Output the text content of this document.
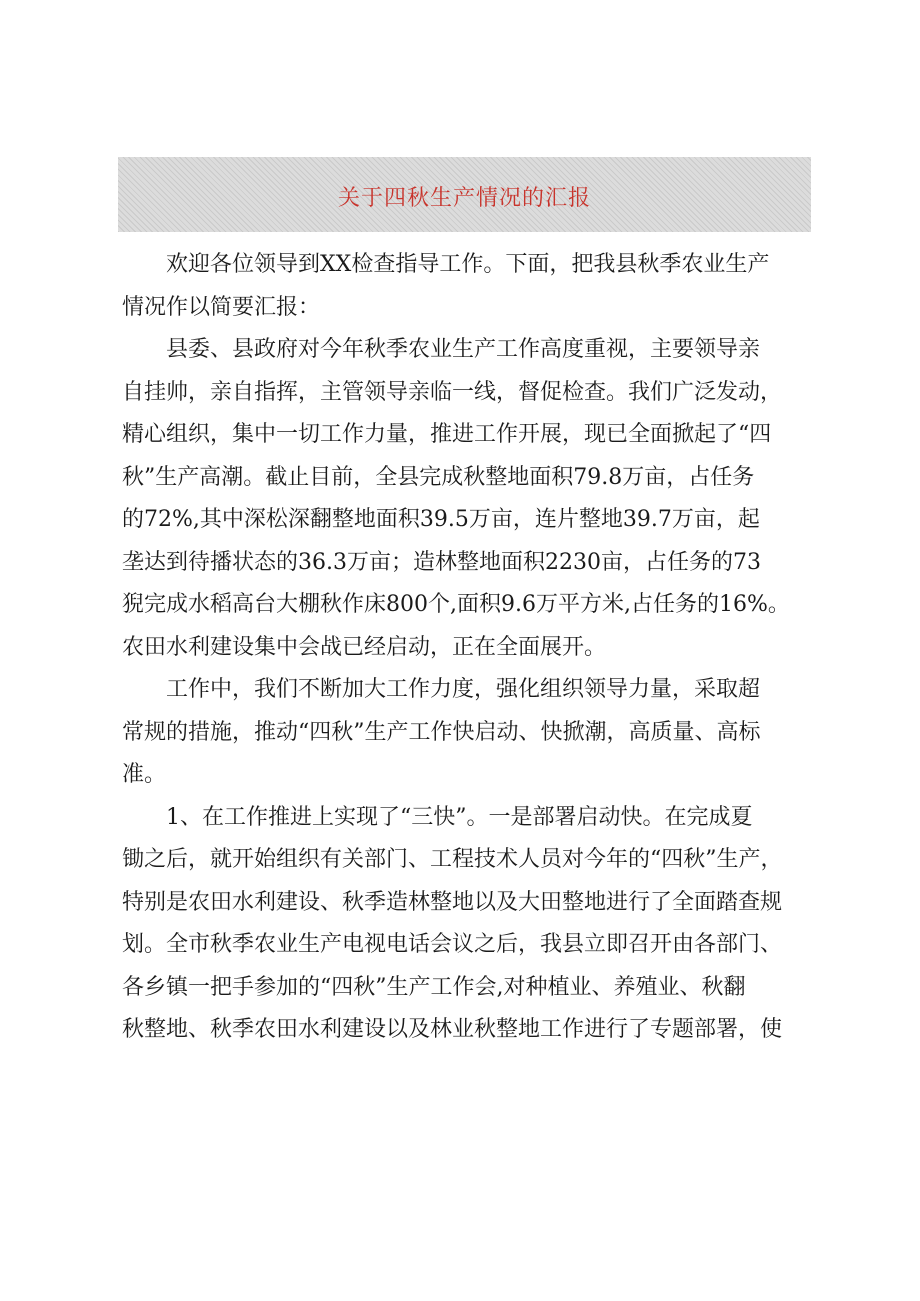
关于四秋生产情况的汇报
欢迎各位领导到XX检查指导工作。下面，把我县秋季农业生产
情况作以简要汇报：
县委、县政府对今年秋季农业生产工作高度重视，主要领导亲
自挂帅，亲自指挥，主管领导亲临一线，督促检查。我们广泛发动，
精心组织，集中一切工作力量，推进工作开展，现已全面掀起了“四
秋”生产高潮。截止目前，全县完成秋整地面积79.8万亩，占任务
的72%,其中深松深翻整地面积39.5万亩，连片整地39.7万亩，起
垄达到待播状态的36.3万亩；造林整地面积2230亩，占任务的73
猊完成水稻高台大棚秋作床800个,面积9.6万平方米,占任务的16%。
农田水利建设集中会战已经启动，正在全面展开。
工作中，我们不断加大工作力度，强化组织领导力量，采取超
常规的措施，推动“四秋”生产工作快启动、快掀潮，高质量、高标
准。
1、在工作推进上实现了“三快”。一是部署启动快。在完成夏
锄之后，就开始组织有关部门、工程技术人员对今年的“四秋”生产，
特别是农田水利建设、秋季造林整地以及大田整地进行了全面踏查规
划。全市秋季农业生产电视电话会议之后，我县立即召开由各部门、
各乡镇一把手参加的“四秋”生产工作会,对种植业、养殖业、秋翻
秋整地、秋季农田水利建设以及林业秋整地工作进行了专题部署，使
